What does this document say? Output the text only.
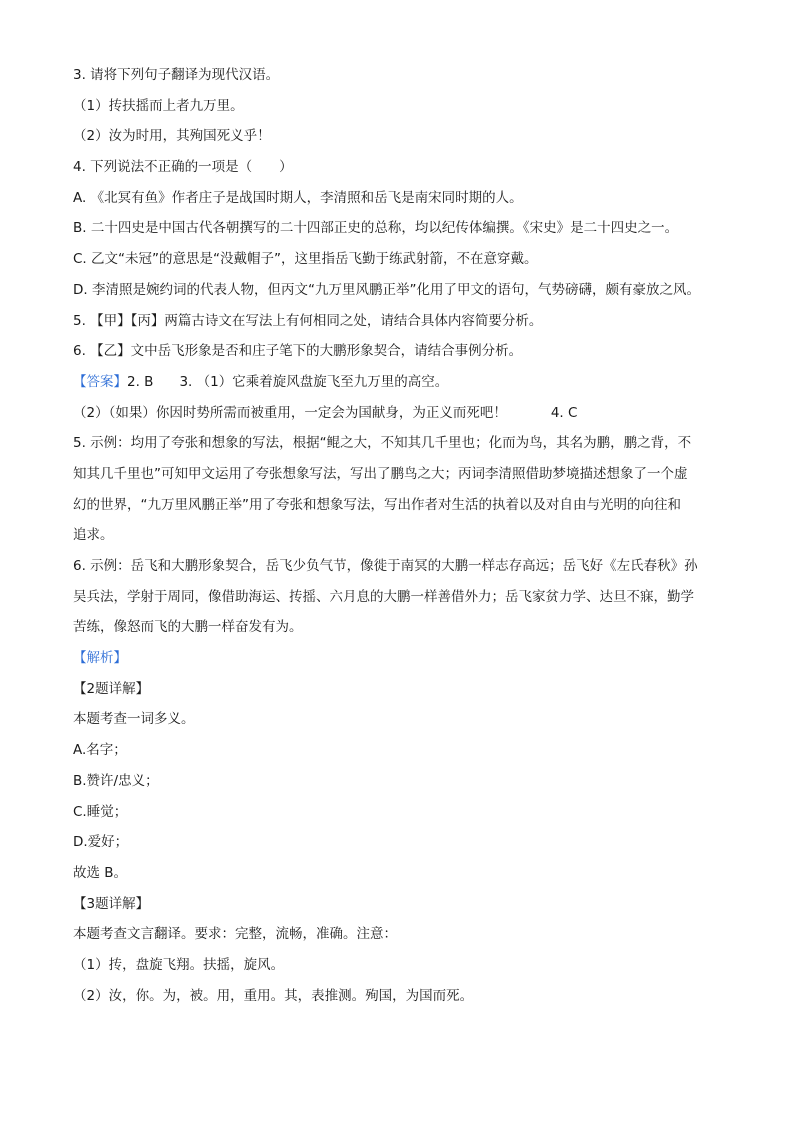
3. 请将下列句子翻译为现代汉语。
（1）抟扶摇而上者九万里。
（2）汝为时用，其殉国死义乎！
4. 下列说法不正确的一项是（　　）
A. 《北冥有鱼》作者庄子是战国时期人，李清照和岳飞是南宋同时期的人。
B. 二十四史是中国古代各朝撰写的二十四部正史的总称，均以纪传体编撰。《宋史》是二十四史之一。
C. 乙文“未冠”的意思是“没戴帽子”，这里指岳飞勤于练武射箭，不在意穿戴。
D. 李清照是婉约词的代表人物，但丙文“九万里风鹏正举”化用了甲文的语句，气势磅礴，颇有豪放之风。
5. 【甲】【丙】两篇古诗文在写法上有何相同之处，请结合具体内容简要分析。
6. 【乙】文中岳飞形象是否和庄子笔下的大鹏形象契合，请结合事例分析。
【答案】2. B 3. （1）它乘着旋风盘旋飞至九万里的高空。
（2）（如果）你因时势所需而被重用，一定会为国献身，为正义而死吧！	4. C
5. 示例：均用了夸张和想象的写法，根据“鲲之大，不知其几千里也；化而为鸟，其名为鹏，鹏之背，不
知其几千里也”可知甲文运用了夸张想象写法，写出了鹏鸟之大；丙词李清照借助梦境描述想象了一个虚
幻的世界，“九万里风鹏正举”用了夸张和想象写法，写出作者对生活的执着以及对自由与光明的向往和
追求。
6. 示例：岳飞和大鹏形象契合，岳飞少负气节，像徙于南冥的大鹏一样志存高远；岳飞好《左氏春秋》孙
吴兵法，学射于周同，像借助海运、抟摇、六月息的大鹏一样善借外力；岳飞家贫力学、达旦不寐，勤学
苦练，像怒而飞的大鹏一样奋发有为。
【解析】
【2题详解】
本题考查一词多义。
A.名字；
B.赞许/忠义；
C.睡觉；
D.爱好；
故选 B。
【3题详解】
本题考查文言翻译。要求：完整，流畅，准确。注意：
（1）抟，盘旋飞翔。扶摇，旋风。
（2）汝，你。为，被。用，重用。其，表推测。殉国，为国而死。
